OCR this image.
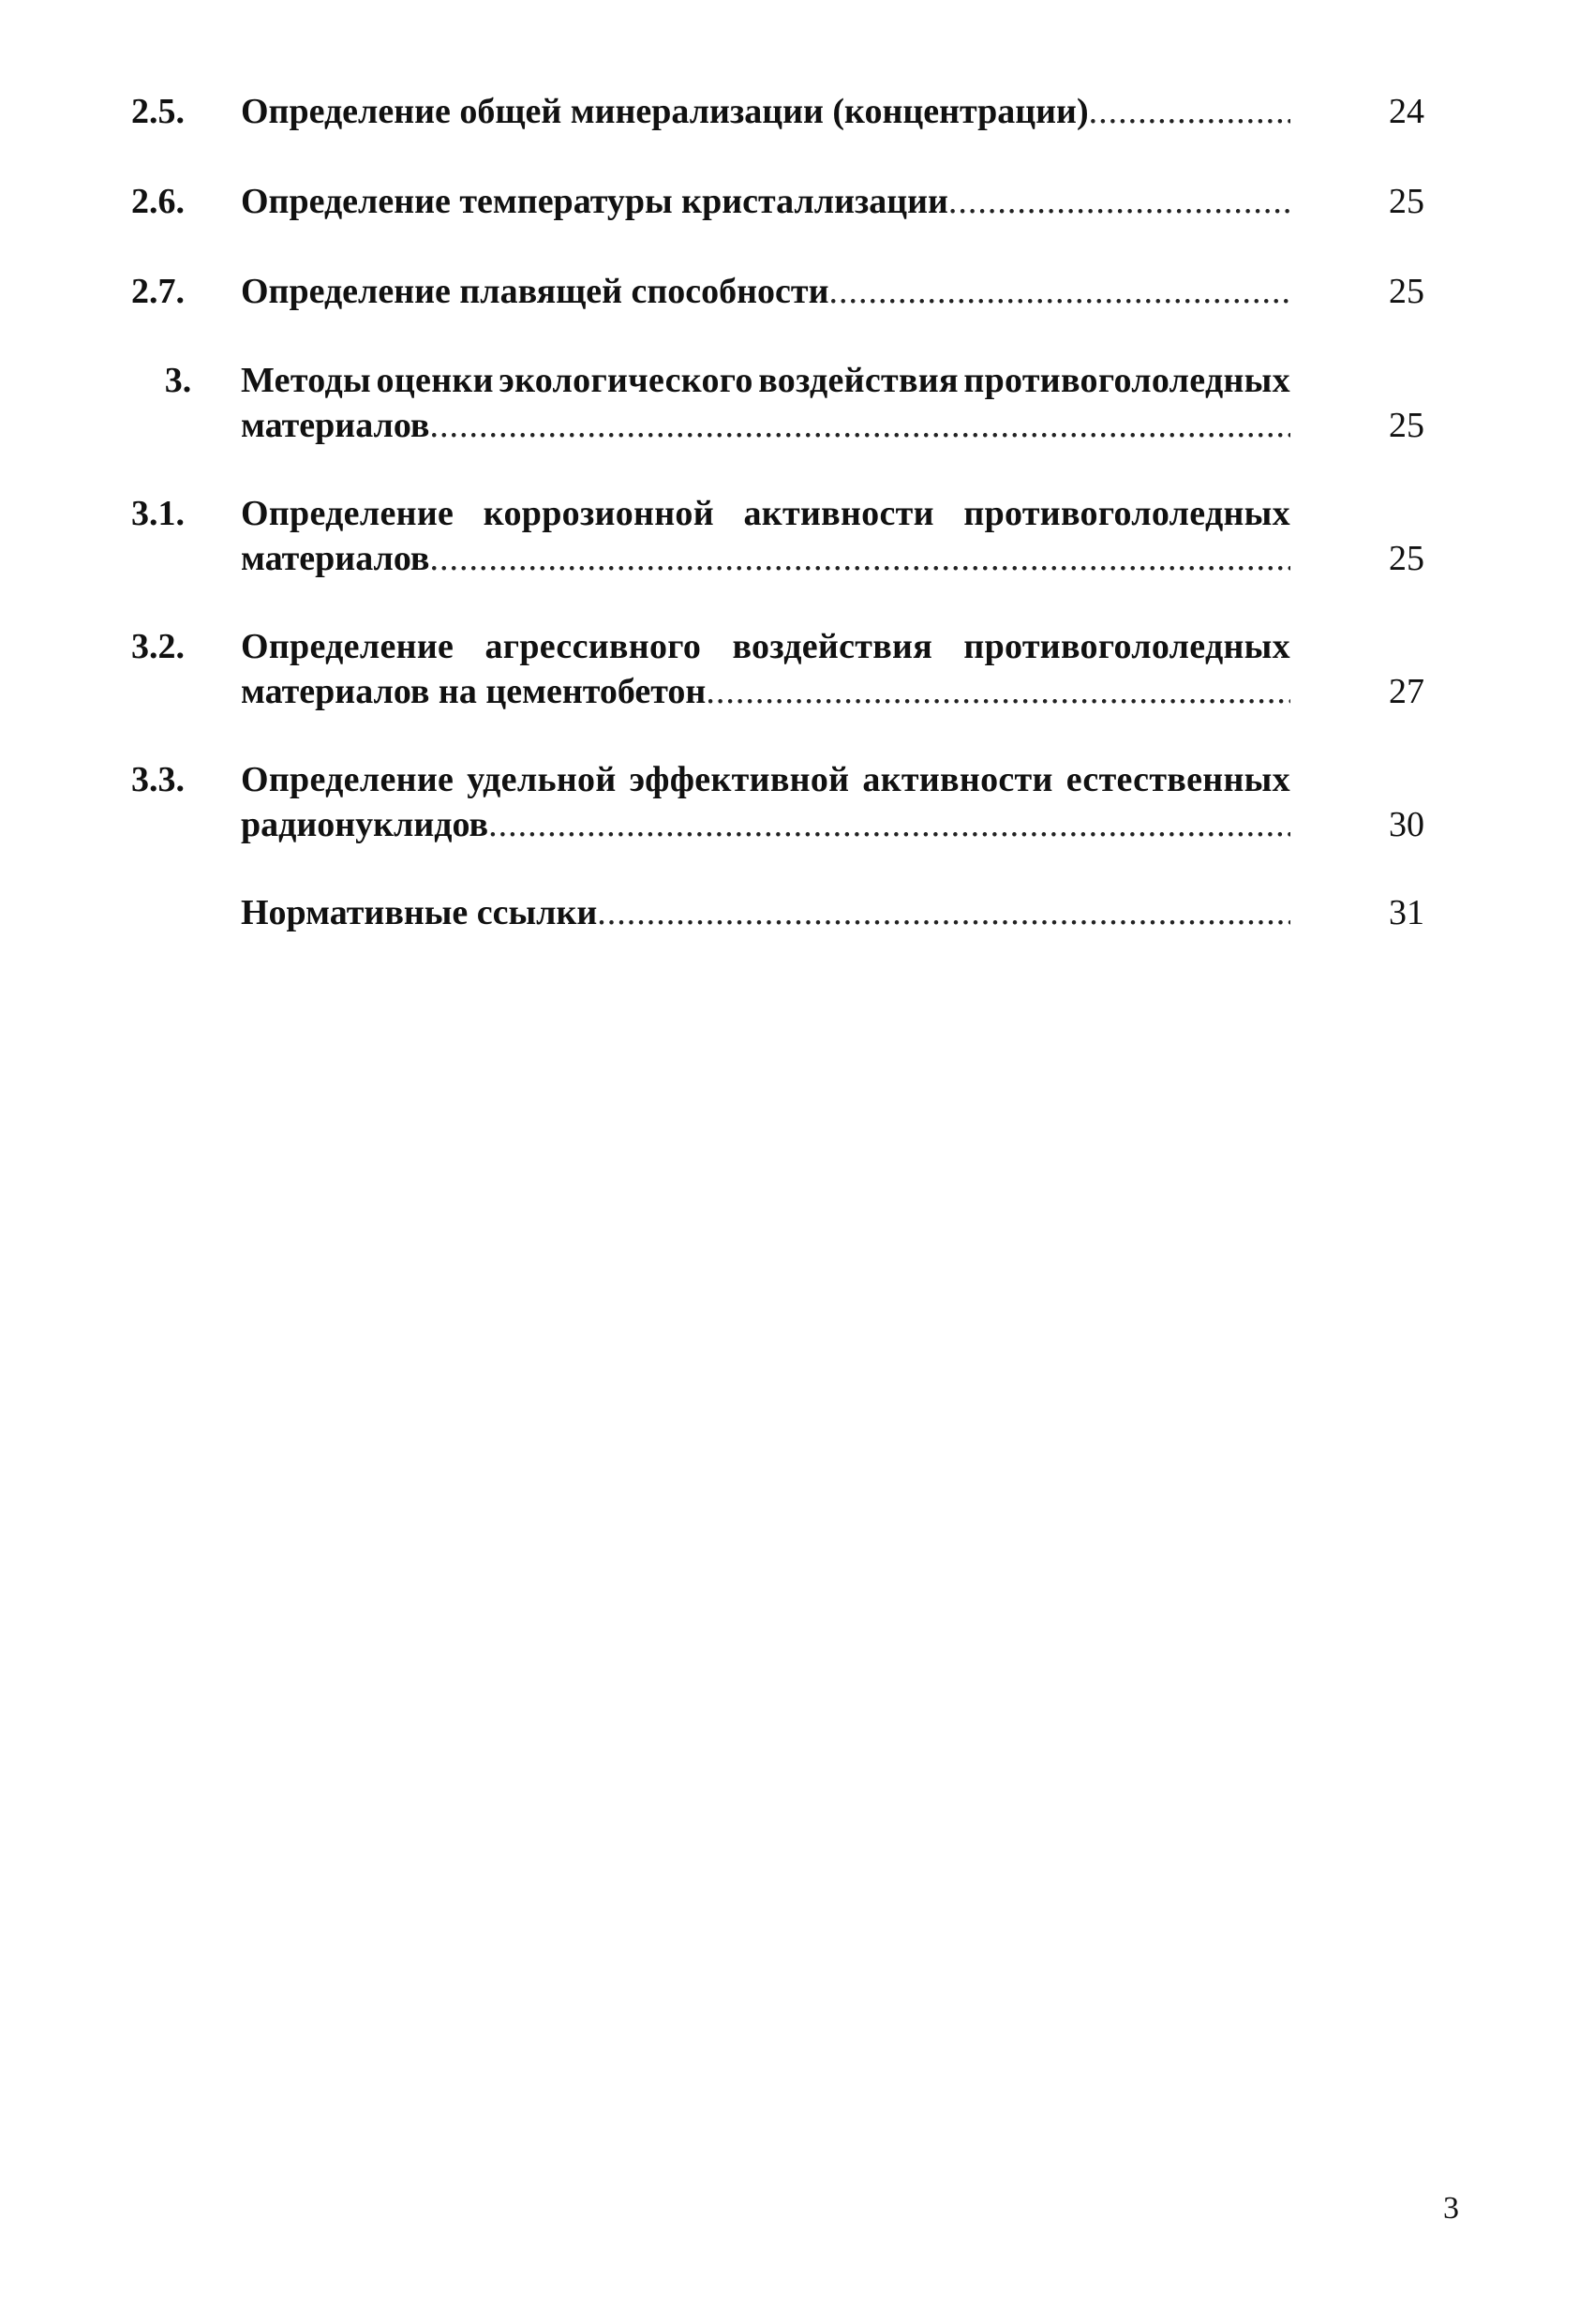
2.5.	Определение общей минерализации (концентрации) .....	24
2.6.	Определение температуры кристаллизации .....	25
2.7.	Определение плавящей способности .....	25
3.	Методы оценки экологического воздействия противогололедных
материалов .....	25
3.1.	Определение коррозионной активности противогололедных
материалов .....	25
3.2.	Определение агрессивного воздействия противогололедных
материалов на цементобетон .....	27
3.3.	Определение удельной эффективной активности естественных
радионуклидов .....	30
Нормативные ссылки .....	31
3
